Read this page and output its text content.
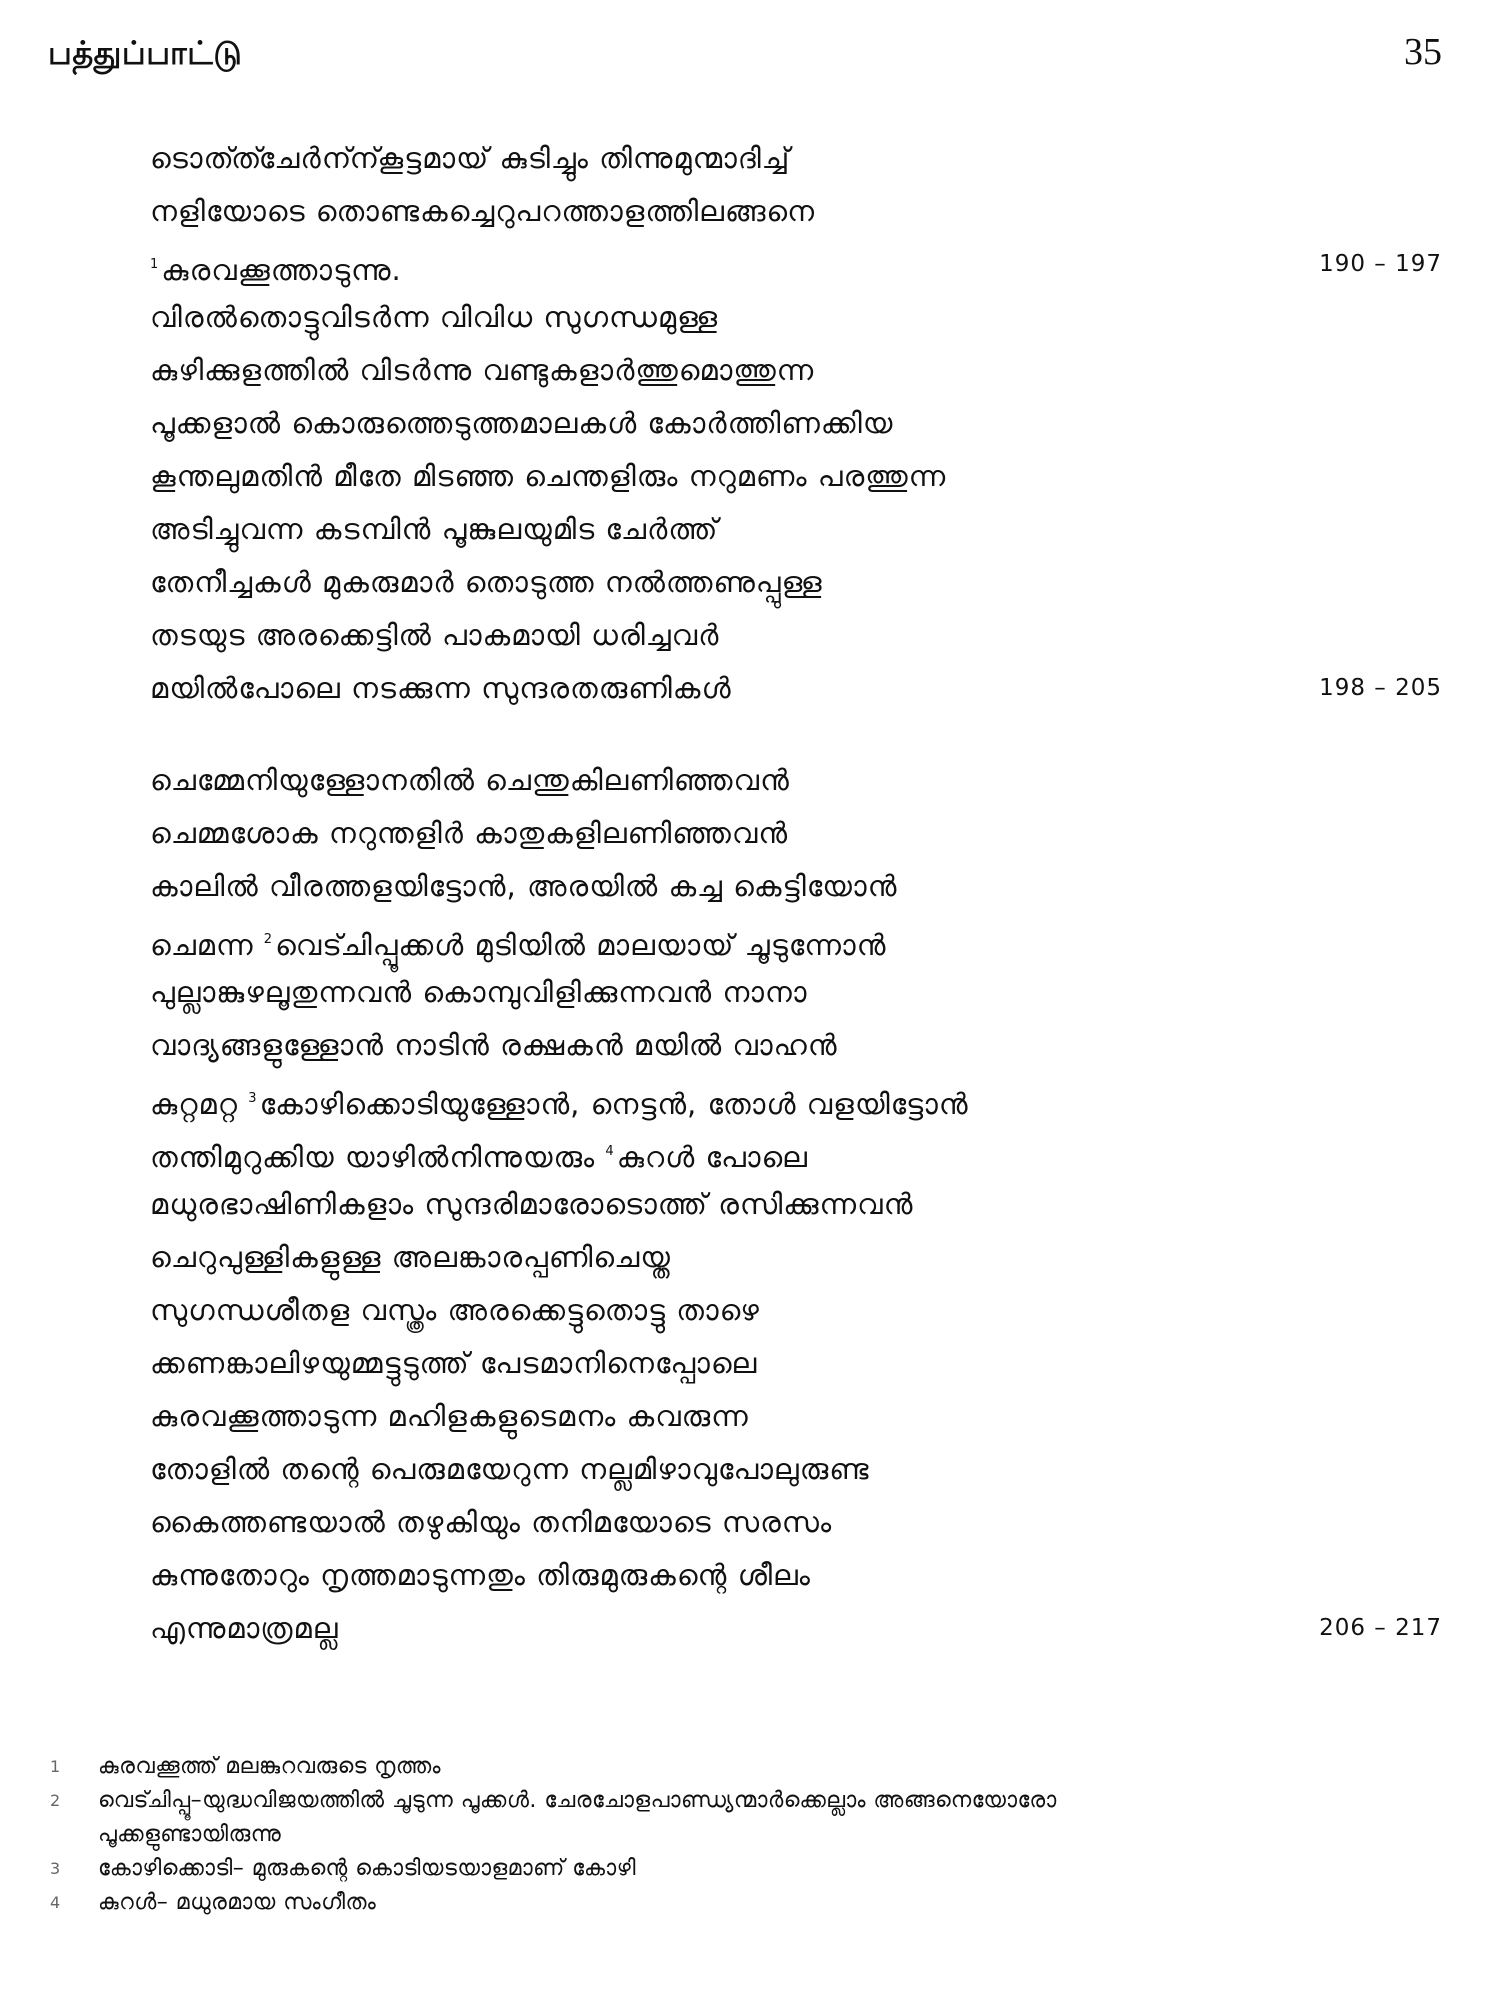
பத்துப்பாட்டு	35
ടൊത്ത്ചേർന്ന്കൂട്ടമായ് കുടിച്ചും തിന്നുമുന്മാദിച്ച്
നളിയോടെ തൊണ്ടകച്ചെറുപറത്താളത്തിലങ്ങനെ
$^1$കുരവക്കൂത്താടുന്നു.	190 – 197
വിരൽതൊട്ടുവിടർന്ന വിവിധ സുഗന്ധമുള്ള
കുഴിക്കുളത്തിൽ വിടർന്നു വണ്ടുകളാർത്തുമൊത്തുന്ന
പൂക്കളാൽ കൊരുത്തെടുത്തമാലകൾ കോർത്തിണക്കിയ
കൂന്തലുമതിൻ മീതേ മിടഞ്ഞ ചെന്തളിരും നറുമണം പരത്തുന്ന
അടിച്ചുവന്ന കടമ്പിൻ പൂങ്കുലയുമിട ചേർത്ത്
തേനീച്ചകൾ മുകരുമാർ തൊടുത്ത നൽത്തണുപ്പുള്ള
തടയുട അരക്കെട്ടിൽ പാകമായി ധരിച്ചവർ
മയിൽപോലെ നടക്കുന്ന സുന്ദരതരുണികൾ	198 – 205
ചെമ്മേനിയുള്ളോനതിൽ ചെന്തുകിലണിഞ്ഞവൻ
ചെമ്മശോക നറുന്തളിർ കാതുകളിലണിഞ്ഞവൻ
കാലിൽ വീരത്തളയിട്ടോൻ, അരയിൽ കച്ച കെട്ടിയോൻ
ചെമന്ന $^2$വെട്ചിപ്പൂക്കൾ മുടിയിൽ മാലയായ് ചൂടുന്നോൻ
പുല്ലാങ്കുഴലൂതുന്നവൻ കൊമ്പുവിളിക്കുന്നവൻ നാനാ
വാദ്യങ്ങളുള്ളോൻ നാടിൻ രക്ഷകൻ മയിൽ വാഹൻ
കുറ്റമറ്റ $^3$കോഴിക്കൊടിയുള്ളോൻ, നെട്ടൻ, തോൾ വളയിട്ടോൻ
തന്തിമുറുക്കിയ യാഴിൽനിന്നുയരും $^4$കുറൾ പോലെ
മധുരഭാഷിണികളാം സുന്ദരിമാരോടൊത്ത് രസിക്കുന്നവൻ
ചെറുപുള്ളികളുള്ള അലങ്കാരപ്പണിചെയ്ത
സുഗന്ധശീതള വസ്ത്രം അരക്കെട്ടുതൊട്ടു താഴെ
ക്കണങ്കാലിഴയുമ്മട്ടുടുത്ത് പേടമാനിനെപ്പോലെ
കുരവക്കൂത്താടുന്ന മഹിളകളുടെമനം കവരുന്ന
തോളിൽ തന്റെ പെരുമയേറുന്ന നല്ലമിഴാവുപോലുരുണ്ട
കൈത്തണ്ടയാൽ തഴുകിയും തനിമയോടെ സരസം
കുന്നുതോറും നൃത്തമാടുന്നതും തിരുമുരുകന്റെ ശീലം
എന്നുമാത്രമല്ല	206 – 217
1 കുരവക്കൂത്ത് മലങ്കുറവരുടെ നൃത്തം
2 വെട്ചിപ്പൂ–യുദ്ധവിജയത്തിൽ ചൂടുന്ന പൂക്കൾ. ചേരചോളപാണ്ഡ്യന്മാർക്കെല്ലാം അങ്ങനെയോരോ
പൂക്കളുണ്ടായിരുന്നു
3 കോഴിക്കൊടി– മുരുകന്റെ കൊടിയടയാളമാണ് കോഴി
4 കുറൾ– മധുരമായ സംഗീതം
